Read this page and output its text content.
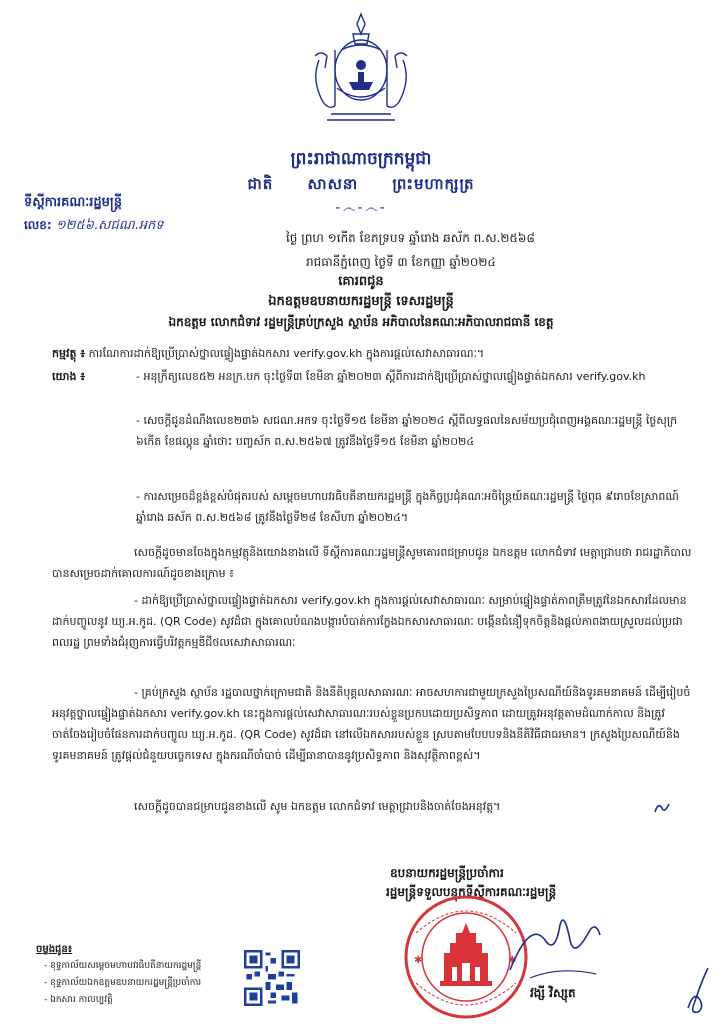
ព្រះរាជាណាចក្រកម្ពុជា
ជាតិ សាសនា ព្រះមហាក្សត្រ
-෴-෴-
ទីស្តីការគណៈរដ្ឋមន្ត្រី
លេខ: ១២៥៦.សជណ.អកទ
ថ្ងៃ ព្រហ ១កើត ខែភទ្របទ ឆ្នាំរោង ឆស័ក ព.ស.២៥៦៨
រាជធានីភ្នំពេញ ថ្ងៃទី ៣ ខែកញ្ញា ឆ្នាំ២០២៤
គោរពជូន
ឯកឧត្តមឧបនាយករដ្ឋមន្ត្រី ទេសរដ្ឋមន្ត្រី
ឯកឧត្តម លោកជំទាវ រដ្ឋមន្ត្រីគ្រប់ក្រសួង ស្ថាប័ន អភិបាលនៃគណៈអភិបាលរាជធានី ខេត្ត
កម្មវត្ថុ ៖ ការណែការដាក់ឱ្យប្រើប្រាស់ថ្នាលផ្ទៀងផ្ទាត់ឯកសារ verify.gov.kh ក្នុងការផ្តល់សេវាសាធារណៈ។
យោង ៖	- អនុក្រឹត្យលេខ៥២ អនក្រ.បក ចុះថ្ងៃទី៣ ខែមីនា ឆ្នាំ២០២៣ ស្តីពីការដាក់ឱ្យប្រើប្រាស់ថ្នាលផ្ទៀងផ្ទាត់ឯកសារ verify.gov.kh
- សេចក្តីជូនដំណឹងលេខ២៣៦ សជណ.អកទ ចុះថ្ងៃទី១៥ ខែមីនា ឆ្នាំ២០២៤ ស្តីពីលទ្ធផលនៃសម័យប្រជុំពេញអង្គគណៈរដ្ឋមន្ត្រី ថ្ងៃសុក្រ ៦កើត ខែផល្គុន ឆ្នាំថោះ បញ្ចស័ក ព.ស.២៥៦៧ ត្រូវនឹងថ្ងៃទី១៥ ខែមីនា ឆ្នាំ២០២៤
- ការសម្រេចដ៏ខ្ពង់ខ្ពស់បំផុតរបស់ សម្តេចមហាបវរធិបតីនាយករដ្ឋមន្ត្រី ក្នុងកិច្ចប្រជុំគណៈអចិន្ត្រៃយ៍គណៈរដ្ឋមន្ត្រី ថ្ងៃពុធ ៩រោចខែស្រាពណ៍ ឆ្នាំរោង ឆស័ក ព.ស.២៥៦៨ ត្រូវនឹងថ្ងៃទី២៨ ខែសីហា ឆ្នាំ២០២៤។
សេចក្តីដូចមានចែងក្នុងកម្មវត្ថុនិងយោងខាងលើ ទីស្តីការគណៈរដ្ឋមន្ត្រីសូមគោរពជម្រាបជូន ឯកឧត្តម លោកជំទាវ មេត្តាជ្រាបថា រាជរដ្ឋាភិបាលបានសម្រេចដាក់គោលការណ៍ដូចខាងក្រោម ៖
- ដាក់ឱ្យប្រើប្រាស់ថ្នាលផ្ទៀងផ្ទាត់ឯកសារ verify.gov.kh ក្នុងការផ្តល់សេវាសាធារណៈ សម្រាប់ផ្ទៀងផ្ទាត់ភាពត្រឹមត្រូវនៃឯកសារដែលមានដាក់បញ្ចូលនូវ ឃ្យ.អ.កូដ. (QR Code) សូវដ៏ជា ក្នុងគោលបំណងបង្ការបំបាត់ការក្លែងឯកសារសាធារណៈ បង្កើនជំនឿទុកចិត្តនិងផ្តល់ភាពងាយស្រួលដល់ប្រជាពលរដ្ឋ ព្រមទាំងជំរុញការធ្វើបរិវត្តកម្មឌីជីថលសេវាសាធារណៈ
- គ្រប់ក្រសួង ស្ថាប័ន រដ្ឋបាលថ្នាក់ក្រោមជាតិ និងនីតិបុគ្គលសាធារណៈ អាចសហការជាមួយក្រសួងប្រៃសណីយ៍និងទូរគមនាគមន៍ ដើម្បីរៀបចំអនុវត្តថ្នាលផ្ទៀងផ្ទាត់ឯកសារ verify.gov.kh នេះក្នុងការផ្តល់សេវាសាធារណៈរបស់ខ្លួនប្រកបដោយប្រសិទ្ធភាព ដោយត្រូវអនុវត្តតាមដំណាក់កាល និងត្រូវចាត់ចែងរៀបចំផែនការដាក់បញ្ចូល ឃ្យ.អ.កូដ. (QR Code) សូវដ៏ជា នៅលើឯកសាររបស់ខ្លួន ស្របតាមបែបបទនិងនីតិវិធីជាធរមាន។ ក្រសួងប្រៃសណីយ៍និងទូរគមនាគមន៍ ត្រូវផ្តល់ជំនួយបច្ចេកទេស ក្នុងករណីចាំបាច់ ដើម្បីធានាបាននូវប្រសិទ្ធភាព និងសុវត្ថិភាពខ្ពស់។
សេចក្តីដូចបានជម្រាបជូនខាងលើ សូម ឯកឧត្តម លោកជំទាវ មេត្តាជ្រាបនិងចាត់ចែងអនុវត្ត។
ឧបនាយករដ្ឋមន្ត្រីប្រចាំការ
រដ្ឋមន្ត្រីទទួលបន្ទុកទីស្តីការគណៈរដ្ឋមន្ត្រី
✱	✱
វង្សី វិស្សុត
ចម្លងជូន៖
- ខុទ្ទកាល័យសម្តេចមហាបវរធិបតីនាយករដ្ឋមន្ត្រី
- ខុទ្ទកាល័យឯកឧត្តមឧបនាយករដ្ឋមន្ត្រីប្រចាំការ
- ឯកសារ កាលប្បវត្តិ
